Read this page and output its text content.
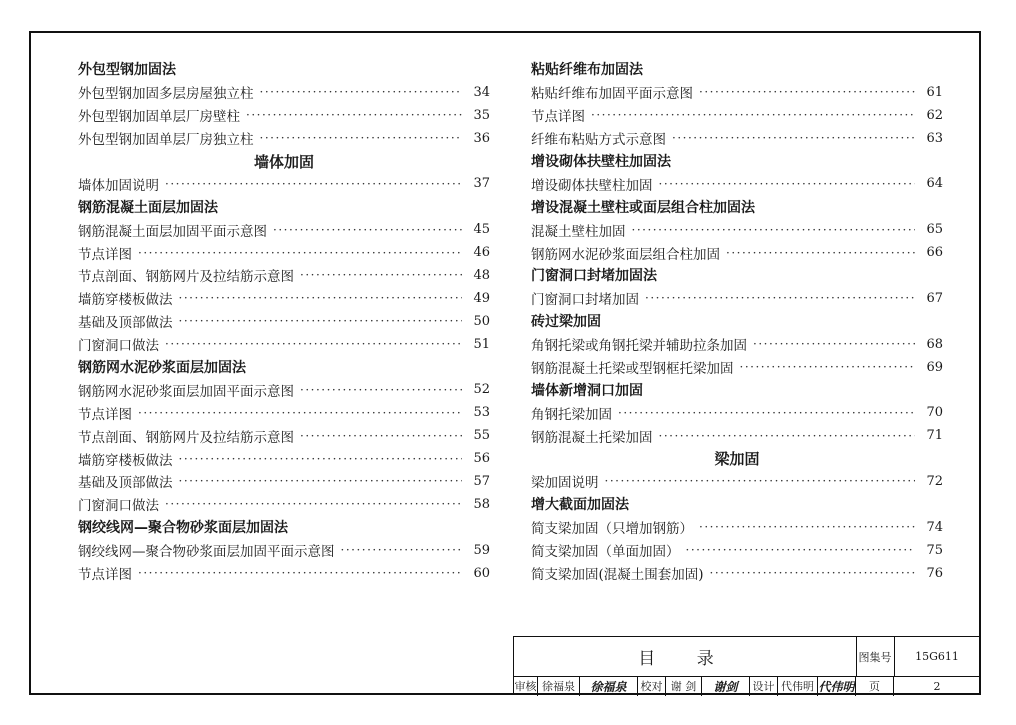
外包型钢加固法
外包型钢加固多层房屋独立柱 ·····	34
外包型钢加固单层厂房壁柱 ·····	35
外包型钢加固单层厂房独立柱 ·····	36
墙体加固
墙体加固说明 ·····	37
钢筋混凝土面层加固法
钢筋混凝土面层加固平面示意图 ·····	45
节点详图 ·····	46
节点剖面、钢筋网片及拉结筋示意图 ·····	48
墙筋穿楼板做法 ·····	49
基础及顶部做法 ·····	50
门窗洞口做法 ·····	51
钢筋网水泥砂浆面层加固法
钢筋网水泥砂浆面层加固平面示意图 ·····	52
节点详图 ·····	53
节点剖面、钢筋网片及拉结筋示意图 ·····	55
墙筋穿楼板做法 ·····	56
基础及顶部做法 ·····	57
门窗洞口做法 ·····	58
钢绞线网—聚合物砂浆面层加固法
钢绞线网—聚合物砂浆面层加固平面示意图 ·····	59
节点详图 ·····	60
粘贴纤维布加固法
粘贴纤维布加固平面示意图 ·····	61
节点详图 ·····	62
纤维布粘贴方式示意图 ·····	63
增设砌体扶壁柱加固法
增设砌体扶壁柱加固 ·····	64
增设混凝土壁柱或面层组合柱加固法
混凝土壁柱加固 ·····	65
钢筋网水泥砂浆面层组合柱加固 ·····	66
门窗洞口封堵加固法
门窗洞口封堵加固 ·····	67
砖过梁加固
角钢托梁或角钢托梁并辅助拉条加固 ·····	68
钢筋混凝土托梁或型钢框托梁加固 ·····	69
墙体新增洞口加固
角钢托梁加固 ·····	70
钢筋混凝土托梁加固 ·····	71
梁加固
梁加固说明 ·····	72
增大截面加固法
简支梁加固（只增加钢筋） ·····	74
简支梁加固（单面加固） ·····	75
简支梁加固(混凝土围套加固) ·····	76
目 录	图集号	15G611
审核 徐福泉	徐福泉	校对 谢 剑	谢剑	设计 代伟明 代伟明	页	2
